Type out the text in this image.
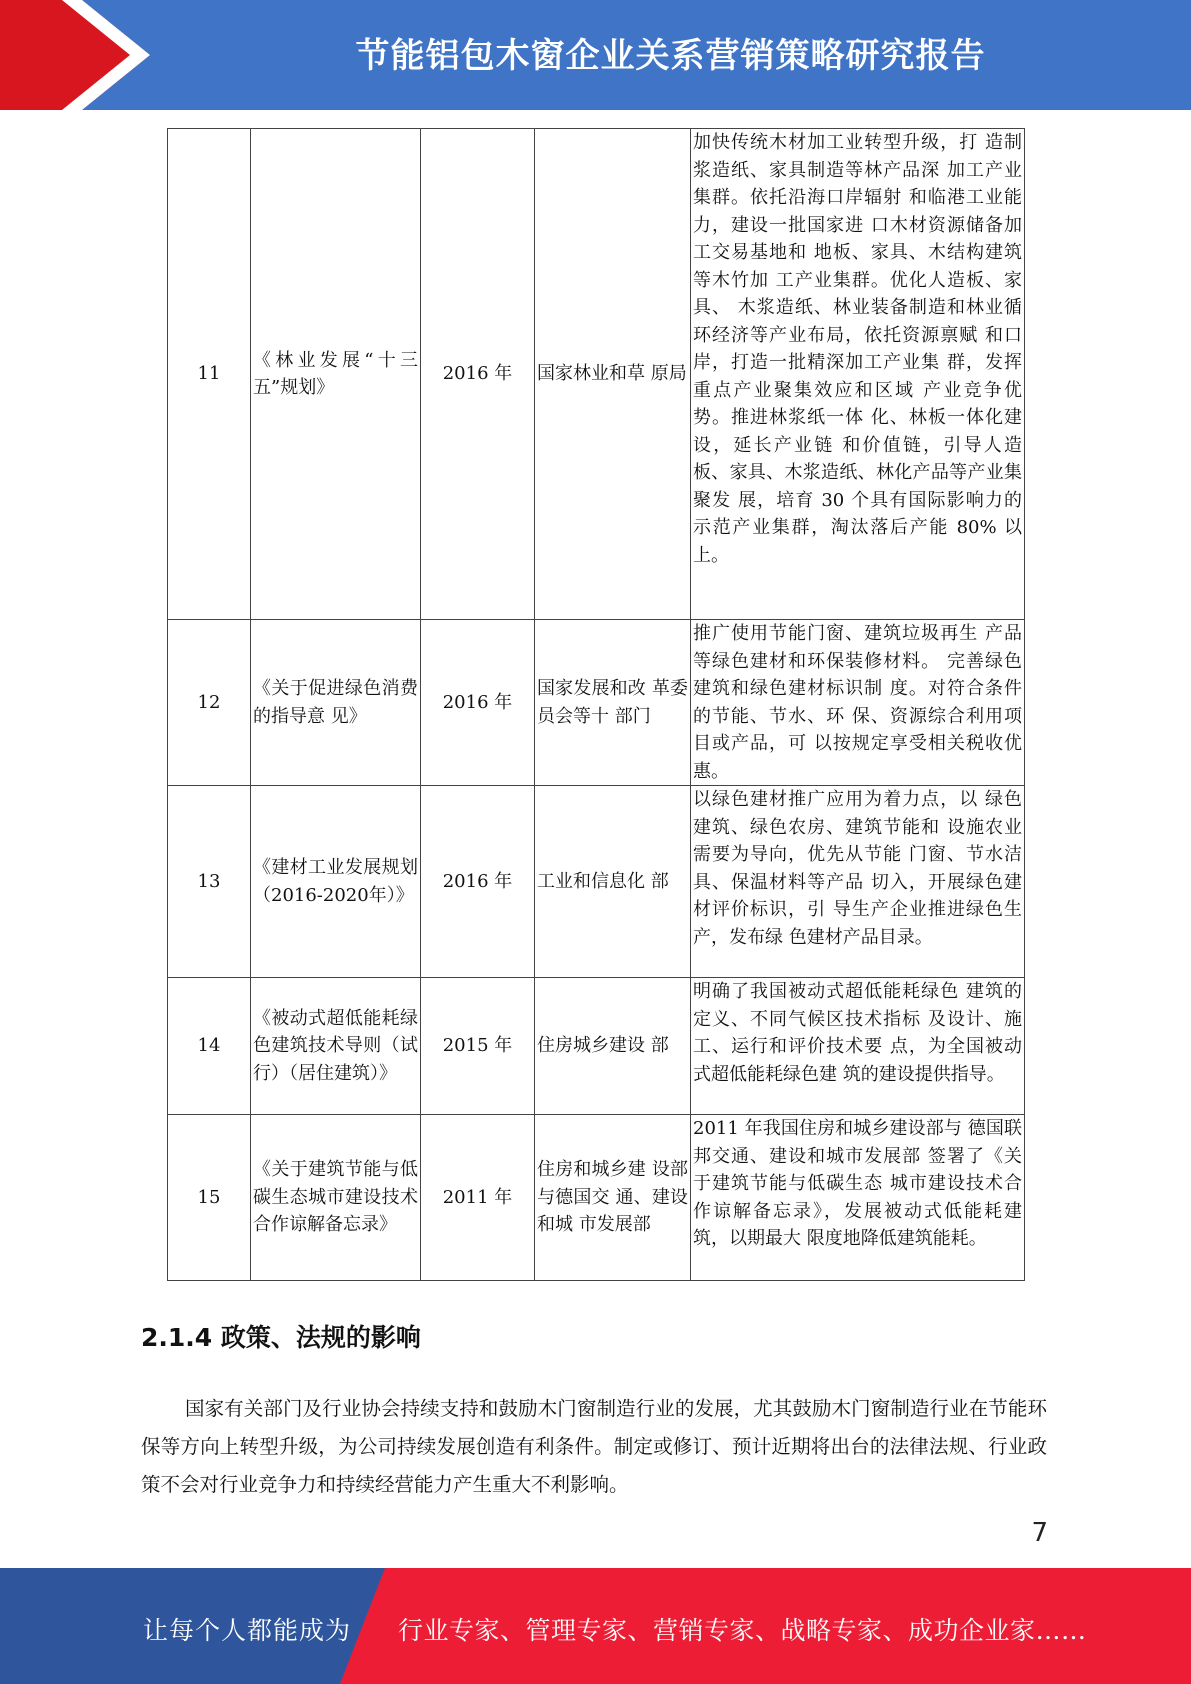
节能铝包木窗企业关系营销策略研究报告
11	《林业发展“十三五”规划》	2016 年	国家林业和草 原局	加快传统木材加工业转型升级，打 造制浆造纸、家具制造等林产品深 加工产业集群。依托沿海口岸辐射 和临港工业能力，建设一批国家进 口木材资源储备加工交易基地和 地板、家具、木结构建筑等木竹加 工产业集群。优化人造板、家具、 木浆造纸、林业装备制造和林业循 环经济等产业布局，依托资源禀赋 和口岸，打造一批精深加工产业集 群，发挥重点产业聚集效应和区域 产业竞争优势。推进林浆纸一体 化、林板一体化建设，延长产业链 和价值链，引导人造板、家具、木浆造纸、林化产品等产业集聚发 展，培育 30 个具有国际影响力的 示范产业集群，淘汰落后产能 80% 以上。
12	《关于促进绿色消费的指导意 见》	2016 年	国家发展和改 革委员会等十 部门	推广使用节能门窗、建筑垃圾再生 产品等绿色建材和环保装修材料。 完善绿色建筑和绿色建材标识制 度。对符合条件的节能、节水、环 保、资源综合利用项目或产品，可 以按规定享受相关税收优惠。
13	《建材工业发展规划（2016-2020年）》	2016 年	工业和信息化 部	以绿色建材推广应用为着力点，以 绿色建筑、绿色农房、建筑节能和 设施农业需要为导向，优先从节能 门窗、节水洁具、保温材料等产品 切入，开展绿色建材评价标识，引 导生产企业推进绿色生产，发布绿 色建材产品目录。
14	《被动式超低能耗绿色建筑技术导则（试行）（居住建筑）》	2015 年	住房城乡建设 部	明确了我国被动式超低能耗绿色 建筑的定义、不同气候区技术指标 及设计、施工、运行和评价技术要 点，为全国被动式超低能耗绿色建 筑的建设提供指导。
15	《关于建筑节能与低碳生态城市建设技术合作谅解备忘录》	2011 年	住房和城乡建 设部与德国交 通、建设和城 市发展部	2011 年我国住房和城乡建设部与 德国联邦交通、建设和城市发展部 签署了《关于建筑节能与低碳生态 城市建设技术合作谅解备忘录》，发展被动式低能耗建筑，以期最大 限度地降低建筑能耗。
2.1.4 政策、法规的影响
国家有关部门及行业协会持续支持和鼓励木门窗制造行业的发展，尤其鼓励木门窗制造行业在节能环保等方向上转型升级，为公司持续发展创造有利条件。制定或修订、预计近期将出台的法律法规、行业政策不会对行业竞争力和持续经营能力产生重大不利影响。
7
让每个人都能成为 行业专家、管理专家、营销专家、战略专家、成功企业家……
